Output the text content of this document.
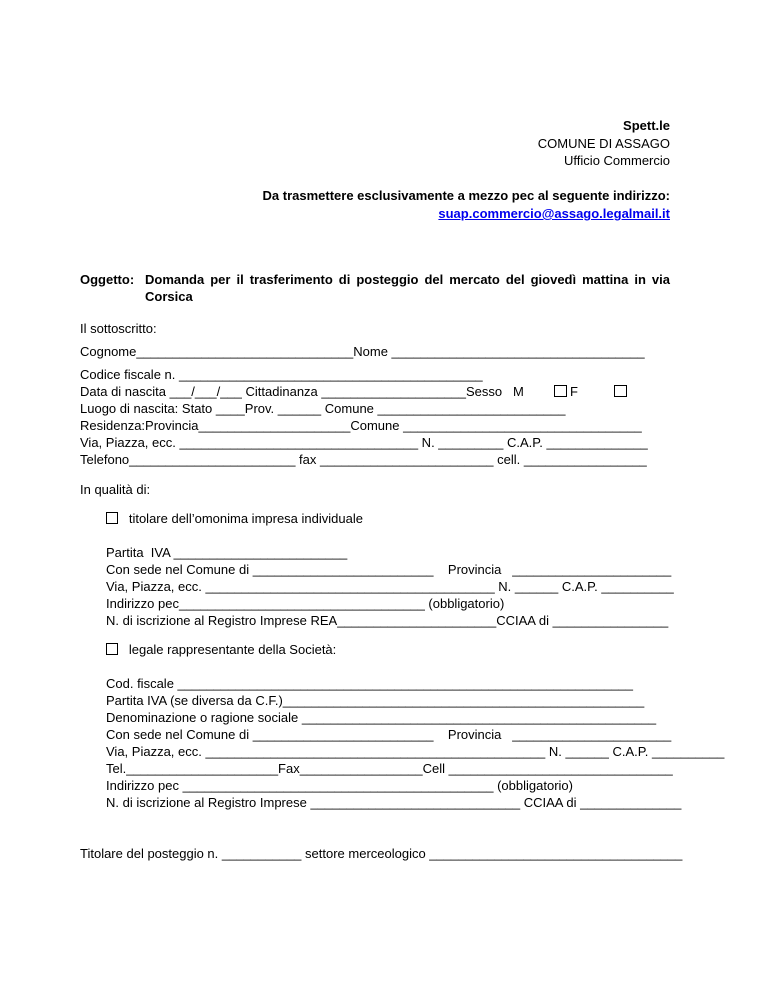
Spett.le
COMUNE DI ASSAGO
Ufficio Commercio
Da trasmettere esclusivamente a mezzo pec al seguente indirizzo:
suap.commercio@assago.legalmail.it
Oggetto: Domanda per il trasferimento di posteggio del mercato del giovedì mattina in via
Corsica
Il sottoscritto:
Cognome______________________________Nome ___________________________________
Codice fiscale n. __________________________________________
Data di nascita ___/___/___ Cittadinanza ____________________Sesso   M	F
Luogo di nascita: Stato ____Prov. ______ Comune __________________________
Residenza:Provincia_____________________Comune _________________________________
Via, Piazza, ecc. _________________________________ N. _________ C.A.P. ______________
Telefono_______________________ fax ________________________ cell. _________________
In qualità di:
titolare dell’omonima impresa individuale
Partita  IVA ________________________
Con sede nel Comune di _________________________    Provincia   ______________________
Via, Piazza, ecc. ________________________________________ N. ______ C.A.P. __________
Indirizzo pec__________________________________ (obbligatorio)
N. di iscrizione al Registro Imprese REA______________________CCIAA di ________________
legale rappresentante della Società:
Cod. fiscale _______________________________________________________________
Partita IVA (se diversa da C.F.)__________________________________________________
Denominazione o ragione sociale _________________________________________________
Con sede nel Comune di _________________________    Provincia   ______________________
Via, Piazza, ecc. _______________________________________________ N. ______ C.A.P. __________
Tel._____________________Fax_________________Cell _______________________________
Indirizzo pec ___________________________________________ (obbligatorio)
N. di iscrizione al Registro Imprese _____________________________ CCIAA di ______________
Titolare del posteggio n. ___________ settore merceologico ___________________________________
